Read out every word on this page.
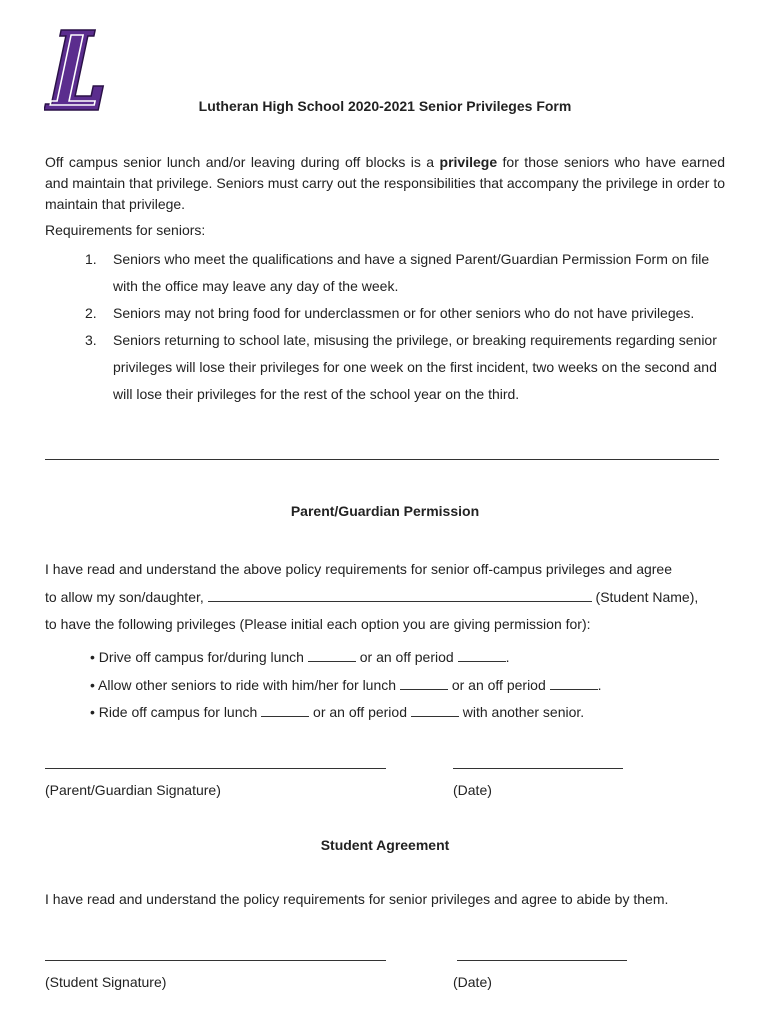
Lutheran High School 2020-2021 Senior Privileges Form
Off campus senior lunch and/or leaving during off blocks is a privilege for those seniors who have earned and maintain that privilege. Seniors must carry out the responsibilities that accompany the privilege in order to maintain that privilege.
Requirements for seniors:
1. Seniors who meet the qualifications and have a signed Parent/Guardian Permission Form on file with the office may leave any day of the week.
2. Seniors may not bring food for underclassmen or for other seniors who do not have privileges.
3. Seniors returning to school late, misusing the privilege, or breaking requirements regarding senior privileges will lose their privileges for one week on the first incident, two weeks on the second and will lose their privileges for the rest of the school year on the third.
Parent/Guardian Permission
I have read and understand the above policy requirements for senior off-campus privileges and agree
to allow my son/daughter,	(Student Name),
to have the following privileges (Please initial each option you are giving permission for):
• Drive off campus for/during lunch	or an off period	.
• Allow other seniors to ride with him/her for lunch	or an off period	.
• Ride off campus for lunch	or an off period	with another senior.
(Parent/Guardian Signature)	(Date)
Student Agreement
I have read and understand the policy requirements for senior privileges and agree to abide by them.
(Student Signature)	(Date)
